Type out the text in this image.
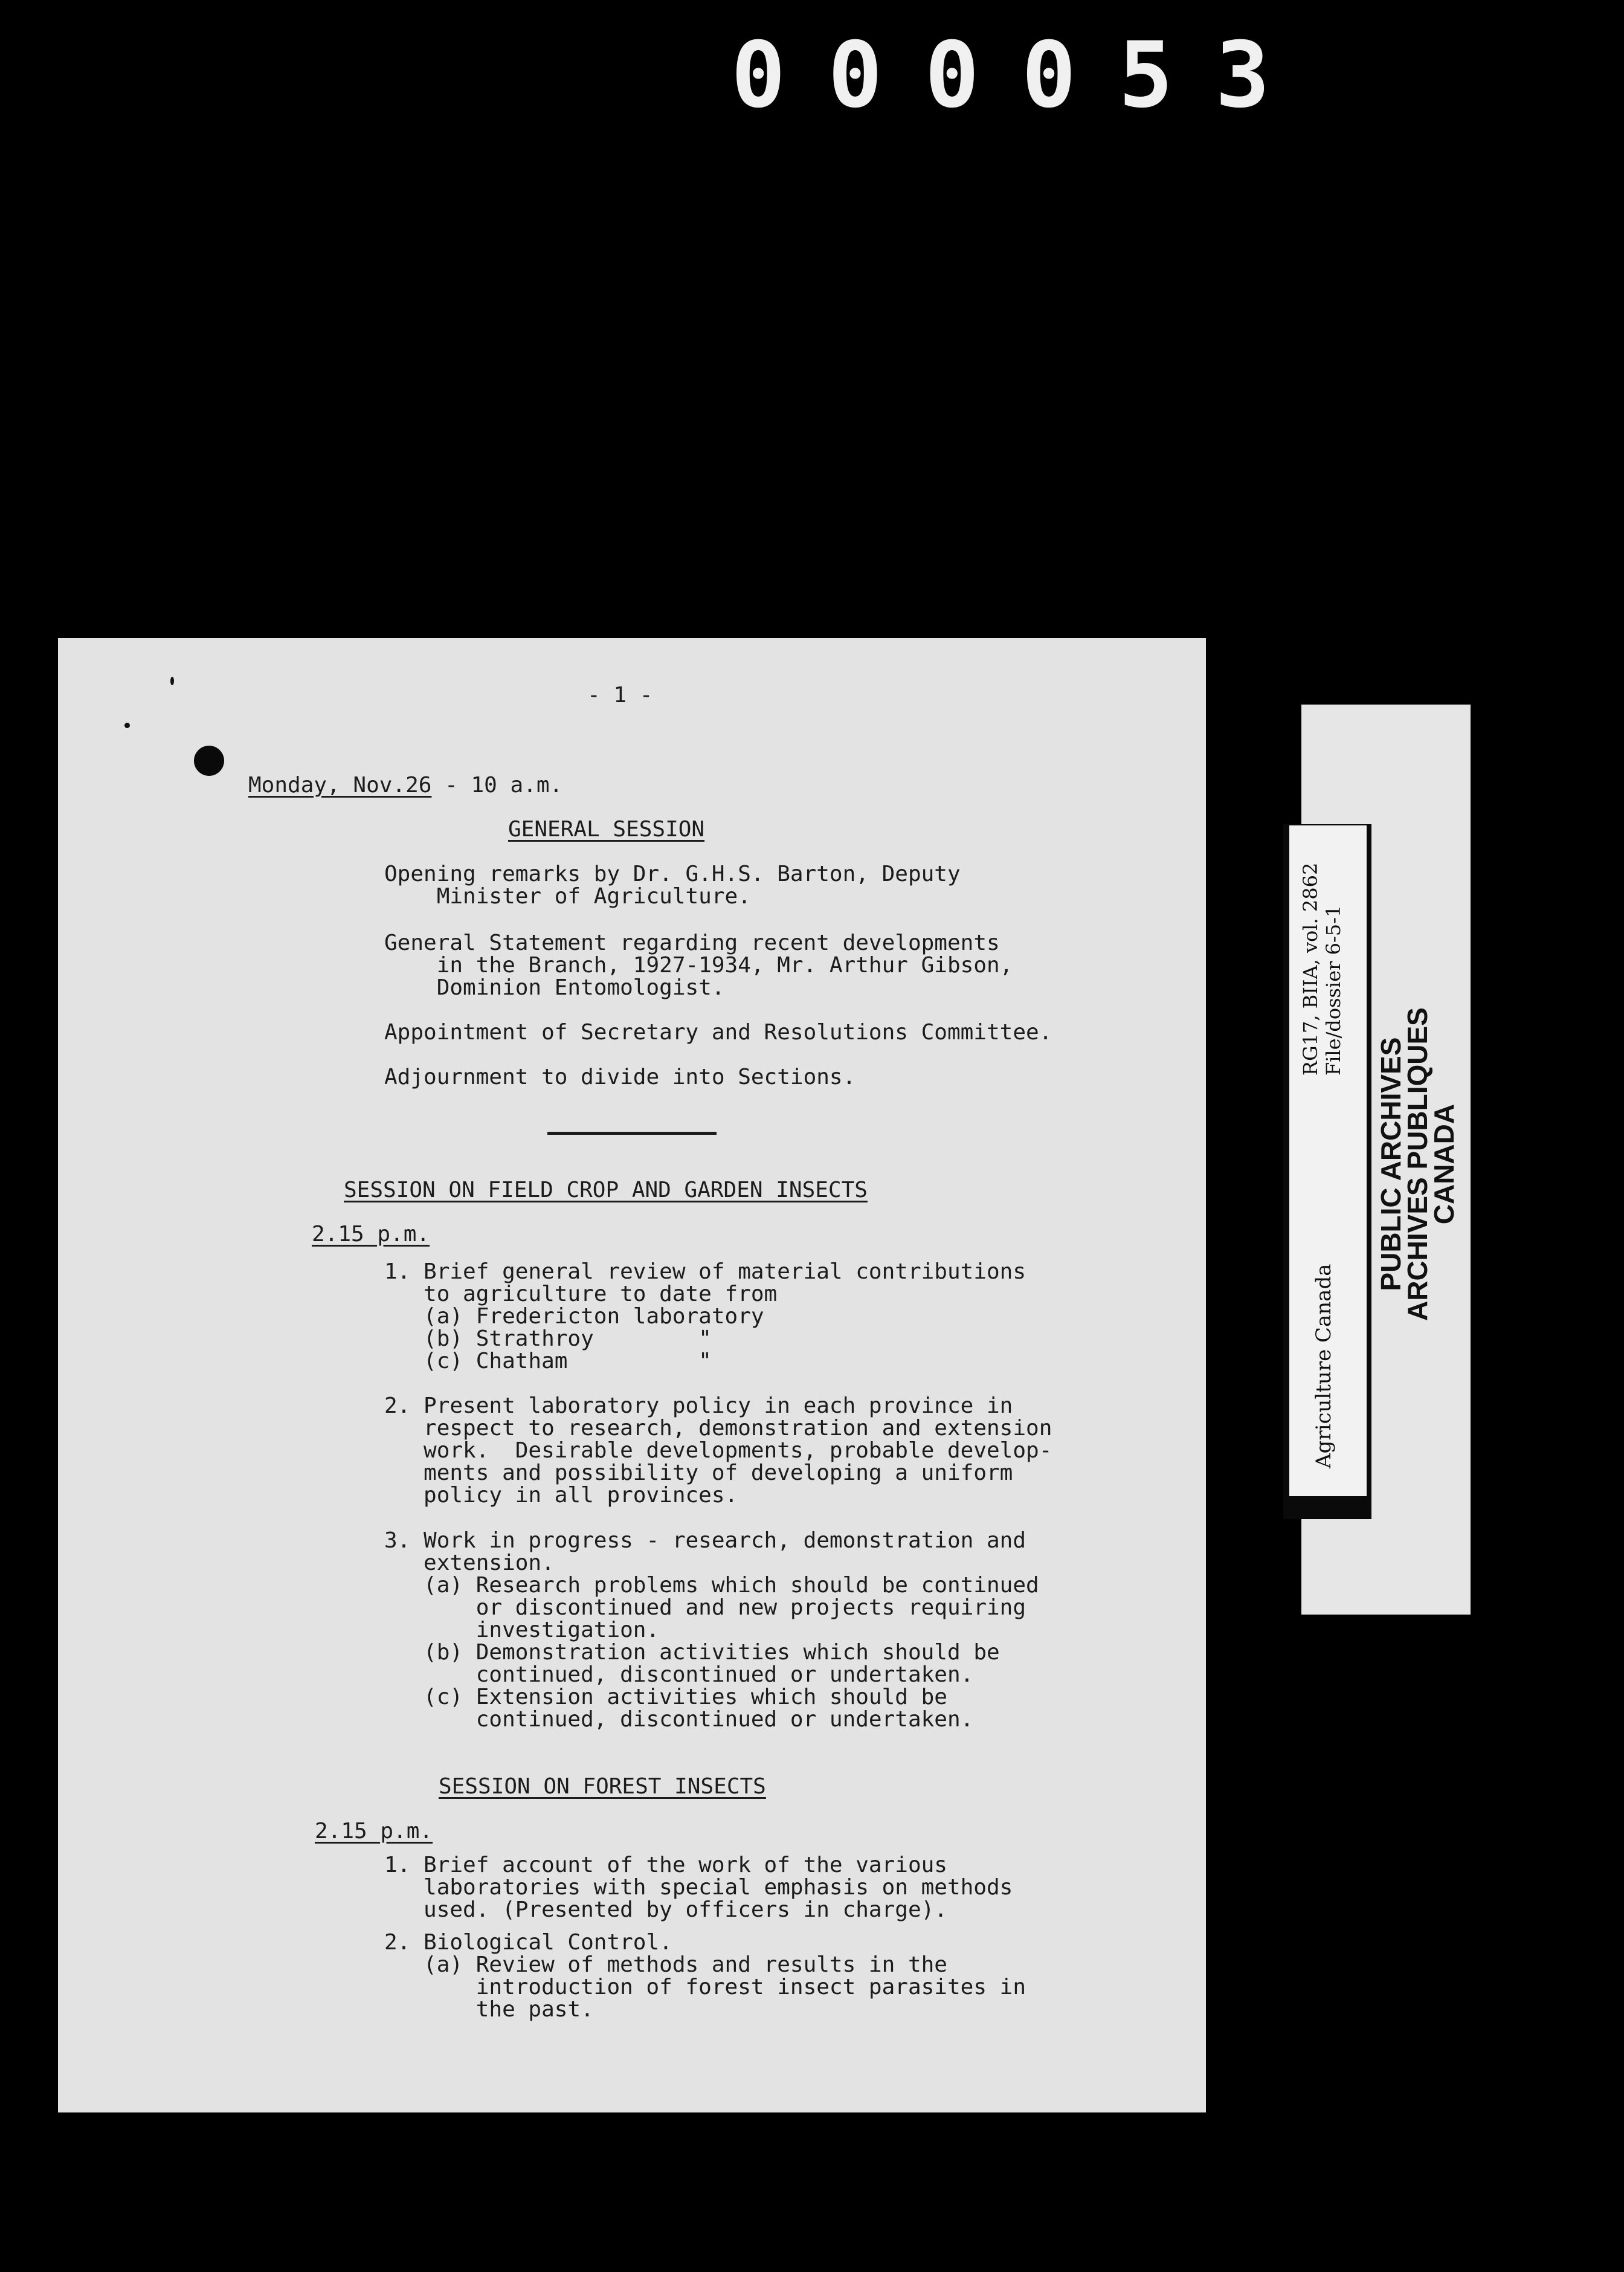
000053
- 1 -
Monday, Nov.26 - 10 a.m.
GENERAL SESSION
Opening remarks by Dr. G.H.S. Barton, Deputy
Minister of Agriculture.
General Statement regarding recent developments
in the Branch, 1927-1934, Mr. Arthur Gibson,
Dominion Entomologist.
Appointment of Secretary and Resolutions Committee.
Adjournment to divide into Sections.
SESSION ON FIELD CROP AND GARDEN INSECTS
2.15 p.m.
1. Brief general review of material contributions
to agriculture to date from
(a) Fredericton laboratory
(b) Strathroy        "
(c) Chatham          "
2. Present laboratory policy in each province in
respect to research, demonstration and extension
work.  Desirable developments, probable develop-
ments and possibility of developing a uniform
policy in all provinces.
3. Work in progress - research, demonstration and
extension.
(a) Research problems which should be continued
or discontinued and new projects requiring
investigation.
(b) Demonstration activities which should be
continued, discontinued or undertaken.
(c) Extension activities which should be
continued, discontinued or undertaken.
SESSION ON FOREST INSECTS
2.15 p.m.
1. Brief account of the work of the various
laboratories with special emphasis on methods
used. (Presented by officers in charge).
2. Biological Control.
(a) Review of methods and results in the
introduction of forest insect parasites in
the past.
Agriculture Canada
RG17, BIIA, vol. 2862 File/dossier 6-5-1
PUBLIC ARCHIVES
ARCHIVES PUBLIQUES
CANADA
